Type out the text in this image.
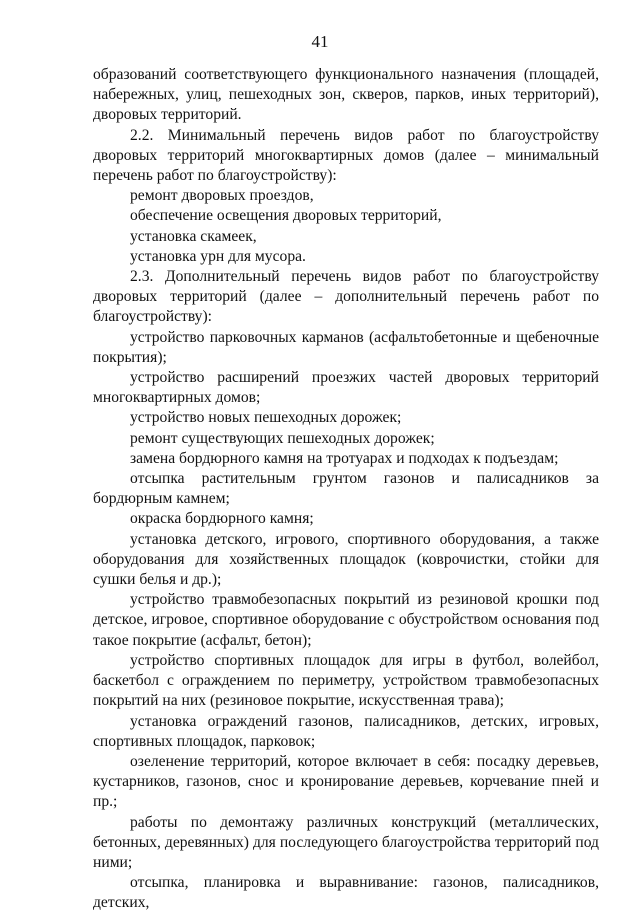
41

образований соответствующего функционального назначения (площадей, набережных, улиц, пешеходных зон, скверов, парков, иных территорий), дворовых территорий.

2.2. Минимальный перечень видов работ по благоустройству дворовых территорий многоквартирных домов (далее – минимальный перечень работ по благоустройству):

ремонт дворовых проездов,

обеспечение освещения дворовых территорий,

установка скамеек,

установка урн для мусора.

2.3. Дополнительный перечень видов работ по благоустройству дворовых территорий (далее – дополнительный перечень работ по благоустройству):

устройство парковочных карманов (асфальтобетонные и щебеночные покрытия);

устройство расширений проезжих частей дворовых территорий многоквартирных домов;

устройство новых пешеходных дорожек;

ремонт существующих пешеходных дорожек;

замена бордюрного камня на тротуарах и подходах к подъездам;

отсыпка растительным грунтом газонов и палисадников за бордюрным камнем;

окраска бордюрного камня;

установка детского, игрового, спортивного оборудования, а также оборудования для хозяйственных площадок (коврочистки, стойки для сушки белья и др.);

устройство травмобезопасных покрытий из резиновой крошки под детское, игровое, спортивное оборудование с обустройством основания под такое покрытие (асфальт, бетон);

устройство спортивных площадок для игры в футбол, волейбол, баскетбол с ограждением по периметру, устройством травмобезопасных покрытий на них (резиновое покрытие, искусственная трава);

установка ограждений газонов, палисадников, детских, игровых, спортивных площадок, парковок;

озеленение территорий, которое включает в себя: посадку деревьев, кустарников, газонов, снос и кронирование деревьев, корчевание пней и пр.;

работы по демонтажу различных конструкций (металлических, бетонных, деревянных) для последующего благоустройства территорий под ними;

отсыпка, планировка и выравнивание: газонов, палисадников, детских,
